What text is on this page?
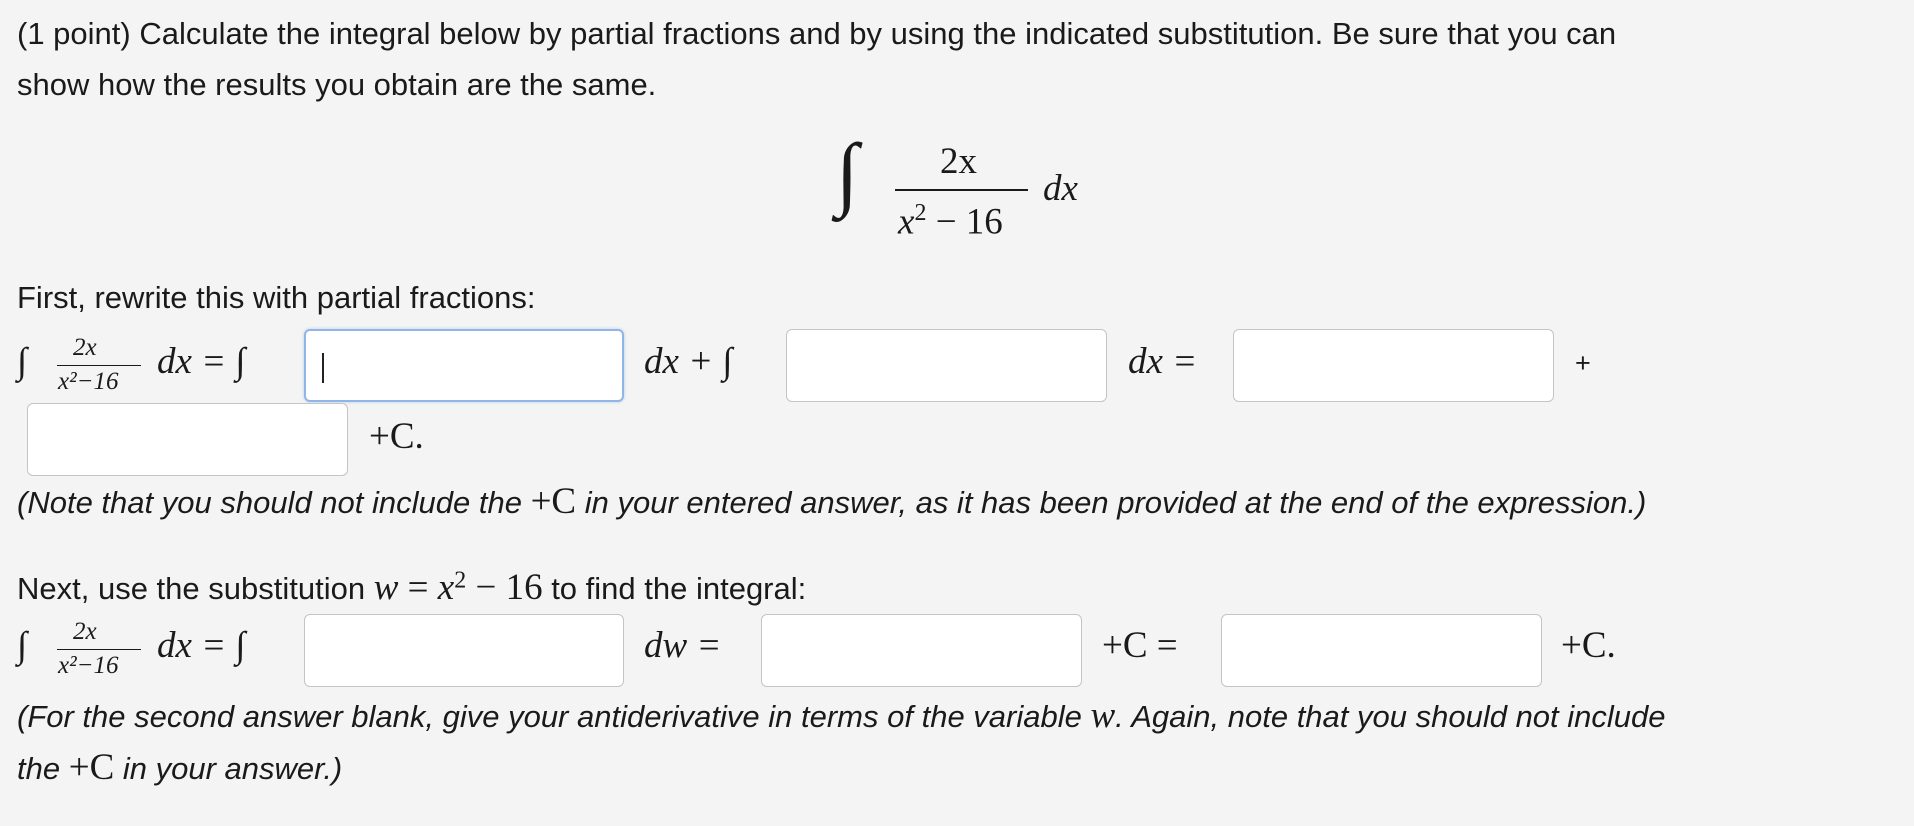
(1 point) Calculate the integral below by partial fractions and by using the indicated substitution. Be sure that you can
show how the results you obtain are the same.
∫ 2x
$x^2 - 16$
dx
First, rewrite this with partial fractions:
∫ 2x
x²−16 dx = ∫	dx + ∫	dx =	+
+C.
(Note that you should not include the +C in your entered answer, as it has been provided at the end of the expression.)
Next, use the substitution $w = x^2 - 16$ to find the integral:
∫ 2x
x²−16 dx = ∫	dw =	+C =	+C.
(For the second answer blank, give your antiderivative in terms of the variable w. Again, note that you should not include
the +C in your answer.)
